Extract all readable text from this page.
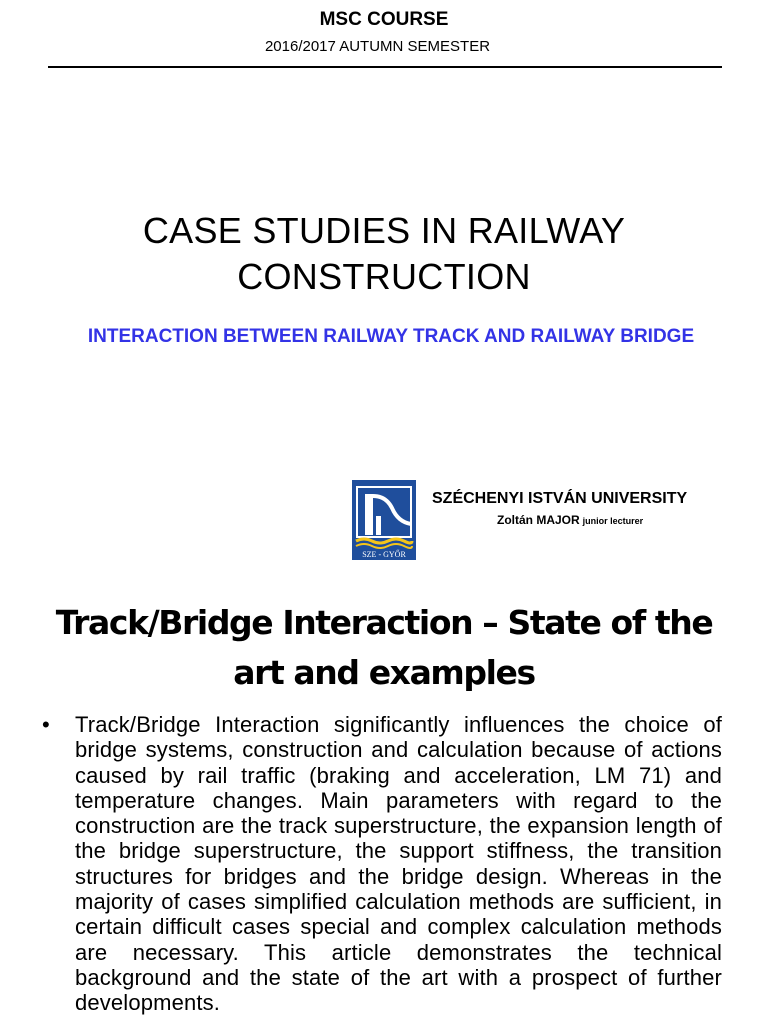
MSC COURSE
2016/2017 AUTUMN SEMESTER
CASE STUDIES IN RAILWAY
CONSTRUCTION
INTERACTION BETWEEN RAILWAY TRACK AND RAILWAY BRIDGE
SZE - GYŐR
SZÉCHENYI ISTVÁN UNIVERSITY
Zoltán MAJOR junior lecturer
Track/Bridge Interaction – State of the
art and examples
• Track/Bridge Interaction significantly influences the choice of bridge systems, construction and calculation because of actions caused by rail traffic (braking and acceleration, LM 71) and temperature changes. Main parameters with regard to the construction are the track superstructure, the expansion length of the bridge superstructure, the support stiffness, the transition structures for bridges and the bridge design. Whereas in the majority of cases simplified calculation methods are sufficient, in certain difficult cases special and complex calculation methods are necessary. This article demonstrates the technical background and the state of the art with a prospect of further developments.
